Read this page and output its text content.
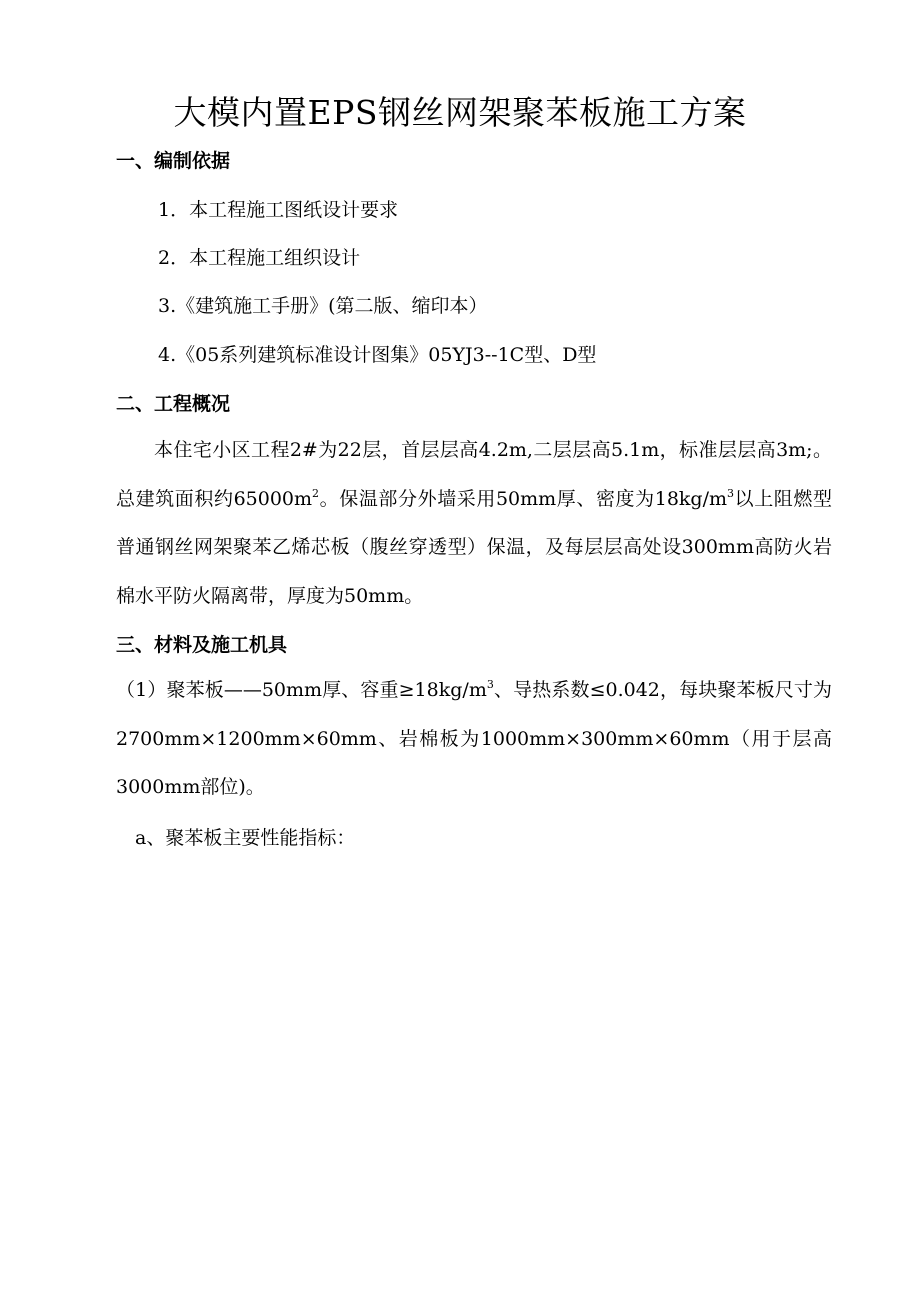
大模内置EPS钢丝网架聚苯板施工方案
一、编制依据
1．本工程施工图纸设计要求
2．本工程施工组织设计
3.《建筑施工手册》(第二版、缩印本）
4.《05系列建筑标准设计图集》05YJ3--1C型、D型
二、工程概况
本住宅小区工程2#为22层，首层层高4.2m,二层层高5.1m，标准层层高3m;。总建筑面积约$65000m^2$。保温部分外墙采用50mm厚、密度为$18kg/m^3$以上阻燃型普通钢丝网架聚苯乙烯芯板（腹丝穿透型）保温，及每层层高处设300mm高防火岩棉水平防火隔离带，厚度为50mm。
三、材料及施工机具
（1）聚苯板——50mm厚、容重$\ge 18kg/m^3$、导热系数≤0.042，每块聚苯板尺寸为2700mm×1200mm×60mm、岩棉板为1000mm×300mm×60mm（用于层高3000mm部位)。
a、聚苯板主要性能指标：
